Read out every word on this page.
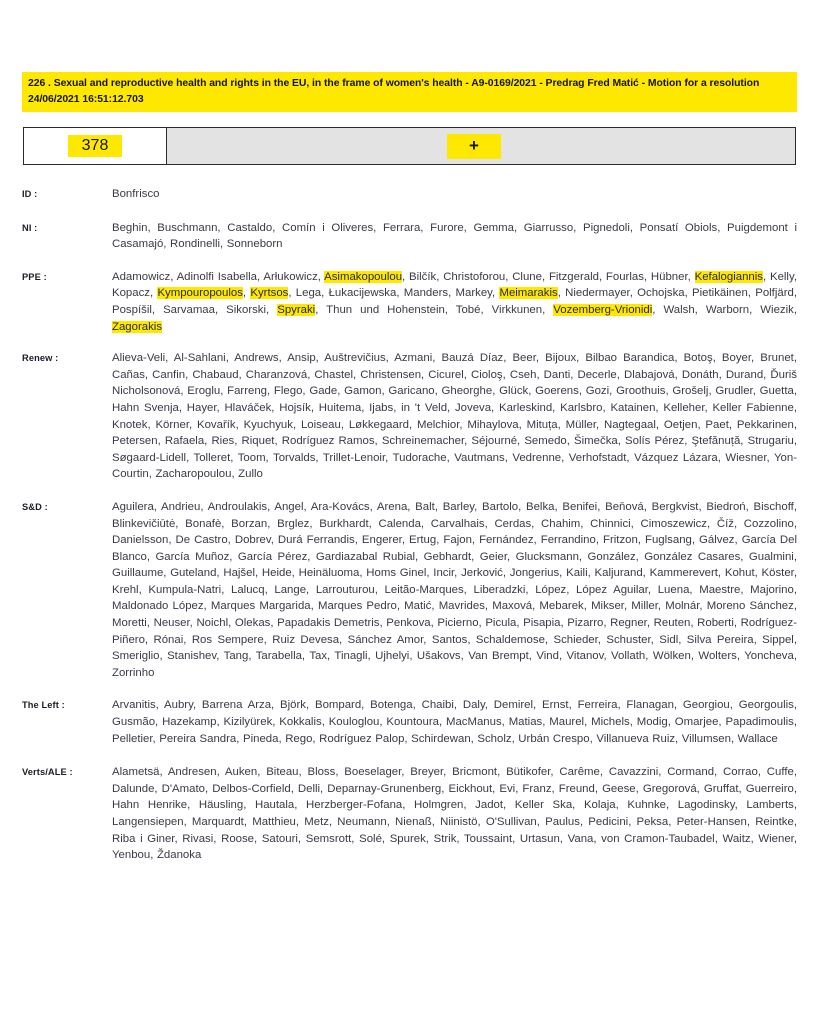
226 . Sexual and reproductive health and rights in the EU, in the frame of women's health - A9-0169/2021 - Predrag Fred Matić - Motion for a resolution 24/06/2021 16:51:12.703
378	+
ID :	Bonfrisco
NI :	Beghin, Buschmann, Castaldo, Comín i Oliveres, Ferrara, Furore, Gemma, Giarrusso, Pignedoli, Ponsatí Obiols, Puigdemont i Casamajó, Rondinelli, Sonneborn
PPE :	Adamowicz, Adinolfi Isabella, Arłukowicz, Asimakopoulou, Bilčík, Christoforou, Clune, Fitzgerald, Fourlas, Hübner, Kefalogiannis, Kelly, Kopacz, Kympouropoulos, Kyrtsos, Lega, Łukacijewska, Manders, Markey, Meimarakis, Niedermayer, Ochojska, Pietikäinen, Polfjärd, Pospíšil, Sarvamaa, Sikorski, Spyraki, Thun und Hohenstein, Tobé, Virkkunen, Vozemberg-Vrionidi, Walsh, Warborn, Wiezik, Zagorakis
Renew :	Alieva-Veli, Al-Sahlani, Andrews, Ansip, Auštrevičius, Azmani, Bauzá Díaz, Beer, Bijoux, Bilbao Barandica, Botoş, Boyer, Brunet, Cañas, Canfin, Chabaud, Charanzová, Chastel, Christensen, Cicurel, Cioloş, Cseh, Danti, Decerle, Dlabajová, Donáth, Durand, Ďuriš Nicholsonová, Eroglu, Farreng, Flego, Gade, Gamon, Garicano, Gheorghe, Glück, Goerens, Gozi, Groothuis, Grošelj, Grudler, Guetta, Hahn Svenja, Hayer, Hlaváček, Hojsík, Huitema, Ijabs, in 't Veld, Joveva, Karleskind, Karlsbro, Katainen, Kelleher, Keller Fabienne, Knotek, Körner, Kovařík, Kyuchyuk, Loiseau, Løkkegaard, Melchior, Mihaylova, Mituța, Müller, Nagtegaal, Oetjen, Paet, Pekkarinen, Petersen, Rafaela, Ries, Riquet, Rodríguez Ramos, Schreinemacher, Séjourné, Semedo, Šimečka, Solís Pérez, Ştefănuță, Strugariu, Søgaard-Lidell, Tolleret, Toom, Torvalds, Trillet-Lenoir, Tudorache, Vautmans, Vedrenne, Verhofstadt, Vázquez Lázara, Wiesner, Yon-Courtin, Zacharopoulou, Zullo
S&D :	Aguilera, Andrieu, Androulakis, Angel, Ara-Kovács, Arena, Balt, Barley, Bartolo, Belka, Benifei, Beňová, Bergkvist, Biedroń, Bischoff, Blinkevičiūtė, Bonafè, Borzan, Brglez, Burkhardt, Calenda, Carvalhais, Cerdas, Chahim, Chinnici, Cimoszewicz, Číž, Cozzolino, Danielsson, De Castro, Dobrev, Durá Ferrandis, Engerer, Ertug, Fajon, Fernández, Ferrandino, Fritzon, Fuglsang, Gálvez, García Del Blanco, García Muñoz, García Pérez, Gardiazabal Rubial, Gebhardt, Geier, Glucksmann, González, González Casares, Gualmini, Guillaume, Guteland, Hajšel, Heide, Heinäluoma, Homs Ginel, Incir, Jerković, Jongerius, Kaili, Kaljurand, Kammerevert, Kohut, Köster, Krehl, Kumpula-Natri, Lalucq, Lange, Larrouturou, Leitão-Marques, Liberadzki, López, López Aguilar, Luena, Maestre, Majorino, Maldonado López, Marques Margarida, Marques Pedro, Matić, Mavrides, Maxová, Mebarek, Mikser, Miller, Molnár, Moreno Sánchez, Moretti, Neuser, Noichl, Olekas, Papadakis Demetris, Penkova, Picierno, Picula, Pisapia, Pizarro, Regner, Reuten, Roberti, Rodríguez-Piñero, Rónai, Ros Sempere, Ruiz Devesa, Sánchez Amor, Santos, Schaldemose, Schieder, Schuster, Sidl, Silva Pereira, Sippel, Smeriglio, Stanishev, Tang, Tarabella, Tax, Tinagli, Ujhelyi, Ušakovs, Van Brempt, Vind, Vitanov, Vollath, Wölken, Wolters, Yoncheva, Zorrinho
The Left :	Arvanitis, Aubry, Barrena Arza, Björk, Bompard, Botenga, Chaibi, Daly, Demirel, Ernst, Ferreira, Flanagan, Georgiou, Georgoulis, Gusmão, Hazekamp, Kizilyürek, Kokkalis, Kouloglou, Kountoura, MacManus, Matias, Maurel, Michels, Modig, Omarjee, Papadimoulis, Pelletier, Pereira Sandra, Pineda, Rego, Rodríguez Palop, Schirdewan, Scholz, Urbán Crespo, Villanueva Ruiz, Villumsen, Wallace
Verts/ALE :	Alametsä, Andresen, Auken, Biteau, Bloss, Boeselager, Breyer, Bricmont, Bütikofer, Carême, Cavazzini, Cormand, Corrao, Cuffe, Dalunde, D'Amato, Delbos-Corfield, Delli, Deparnay-Grunenberg, Eickhout, Evi, Franz, Freund, Geese, Gregorová, Gruffat, Guerreiro, Hahn Henrike, Häusling, Hautala, Herzberger-Fofana, Holmgren, Jadot, Keller Ska, Kolaja, Kuhnke, Lagodinsky, Lamberts, Langensiepen, Marquardt, Matthieu, Metz, Neumann, Nienaß, Niinistö, O'Sullivan, Paulus, Pedicini, Peksa, Peter-Hansen, Reintke, Riba i Giner, Rivasi, Roose, Satouri, Semsrott, Solé, Spurek, Strik, Toussaint, Urtasun, Vana, von Cramon-Taubadel, Waitz, Wiener, Yenbou, Ždanoka
